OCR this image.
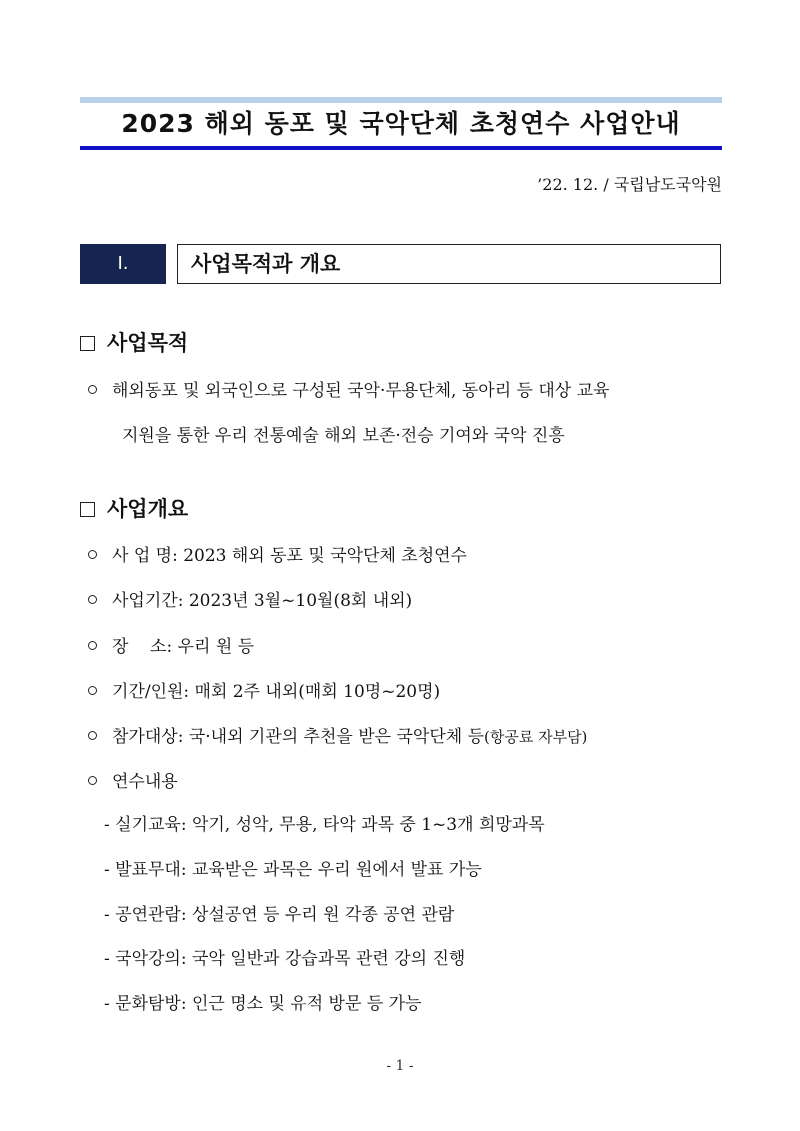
2023 해외 동포 및 국악단체 초청연수 사업안내
’22. 12. / 국립남도국악원
Ⅰ.	사업목적과 개요
사업목적
해외동포 및 외국인으로 구성된 국악·무용단체, 동아리 등 대상 교육
지원을 통한 우리 전통예술 해외 보존·전승 기여와 국악 진흥
사업개요
사 업 명: 2023 해외 동포 및 국악단체 초청연수
사업기간: 2023년 3월~10월(8회 내외)
장    소: 우리 원 등
기간/인원: 매회 2주 내외(매회 10명~20명)
참가대상: 국·내외 기관의 추천을 받은 국악단체 등(항공료 자부담)
연수내용
- 실기교육: 악기, 성악, 무용, 타악 과목 중 1~3개 희망과목
- 발표무대: 교육받은 과목은 우리 원에서 발표 가능
- 공연관람: 상설공연 등 우리 원 각종 공연 관람
- 국악강의: 국악 일반과 강습과목 관련 강의 진행
- 문화탐방: 인근 명소 및 유적 방문 등 가능
- 1 -
